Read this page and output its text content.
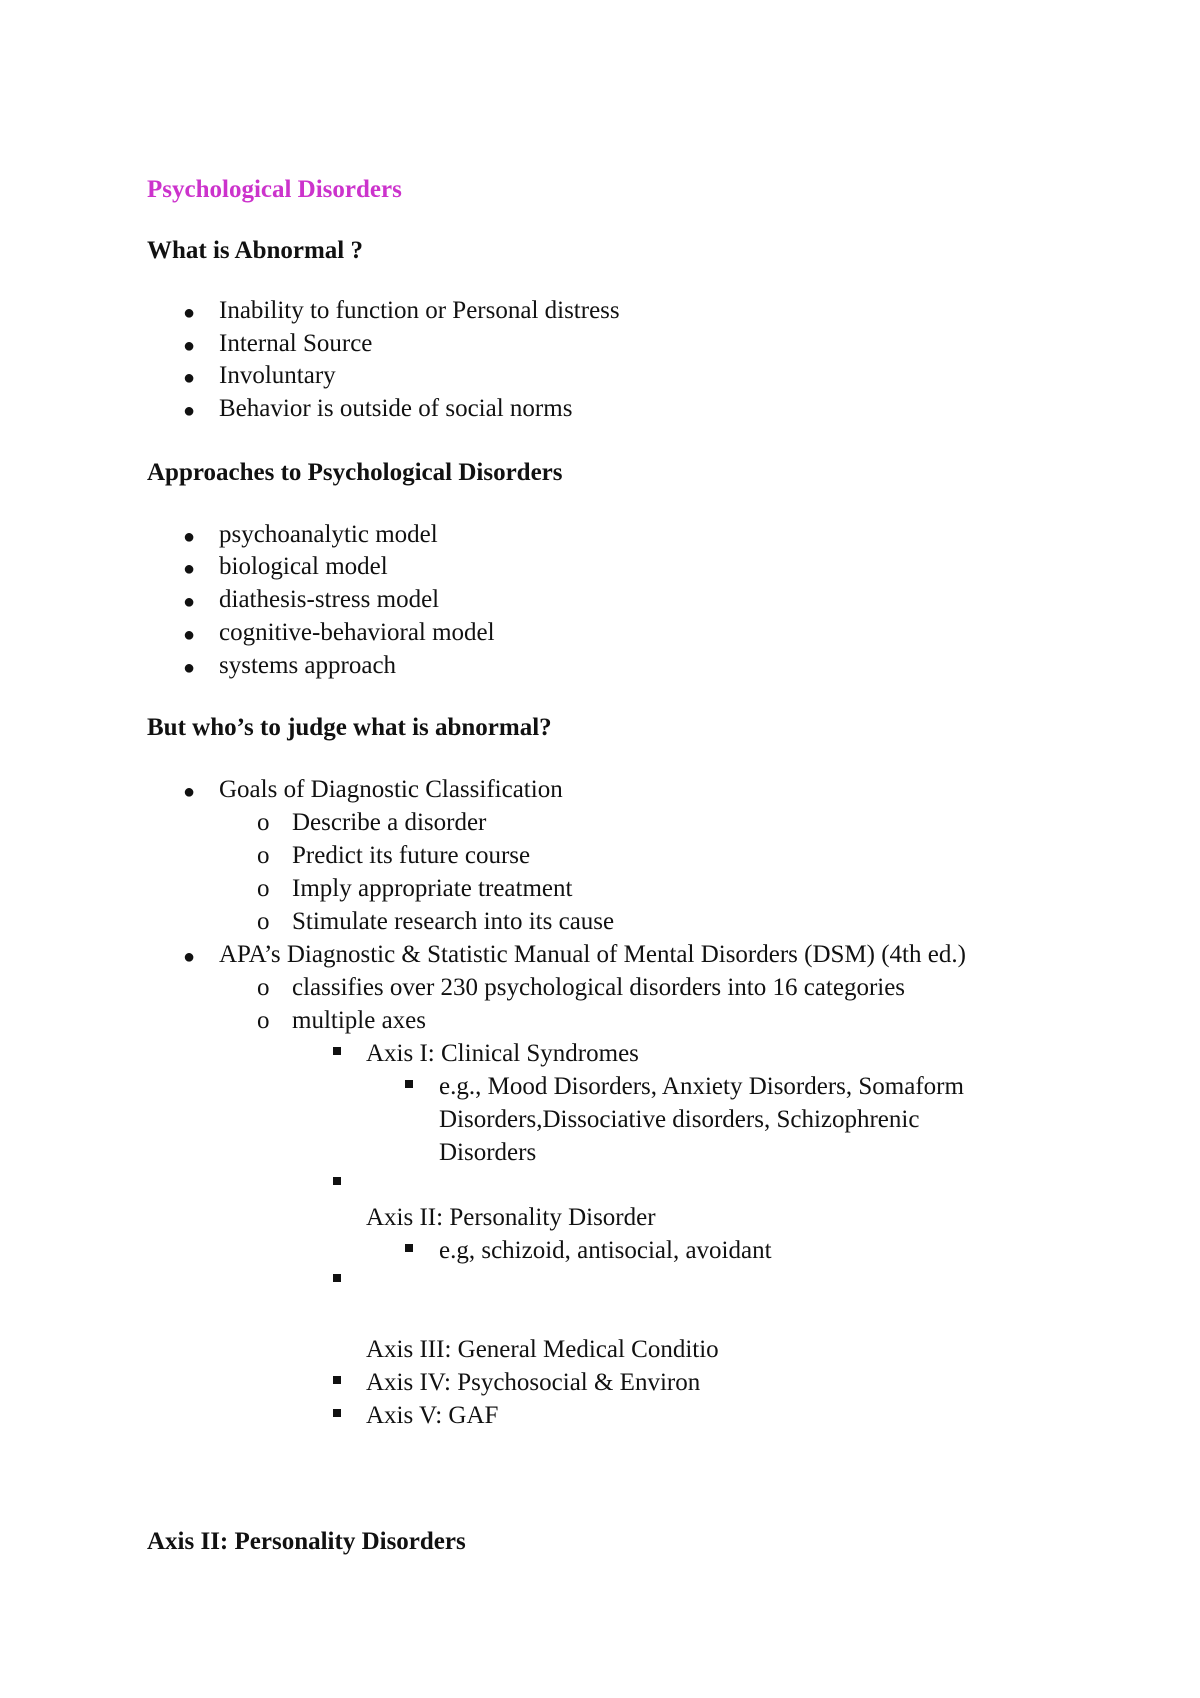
Psychological Disorders
What is Abnormal ?
● Inability to function or Personal distress
● Internal Source
● Involuntary
● Behavior is outside of social norms
Approaches to Psychological Disorders
● psychoanalytic model
● biological model
● diathesis-stress model
● cognitive-behavioral model
● systems approach
But who’s to judge what is abnormal?
● Goals of Diagnostic Classification
o Describe a disorder
o Predict its future course
o Imply appropriate treatment
o Stimulate research into its cause
● APA’s Diagnostic & Statistic Manual of Mental Disorders (DSM) (4th ed.)
o classifies over 230 psychological disorders into 16 categories
o multiple axes
Axis I: Clinical Syndromes
e.g., Mood Disorders, Anxiety Disorders, Somaform
Disorders,Dissociative disorders, Schizophrenic
Disorders
Axis II: Personality Disorder
e.g, schizoid, antisocial, avoidant
Axis III: General Medical Conditio
Axis IV: Psychosocial & Environ
Axis V: GAF
Axis II: Personality Disorders
